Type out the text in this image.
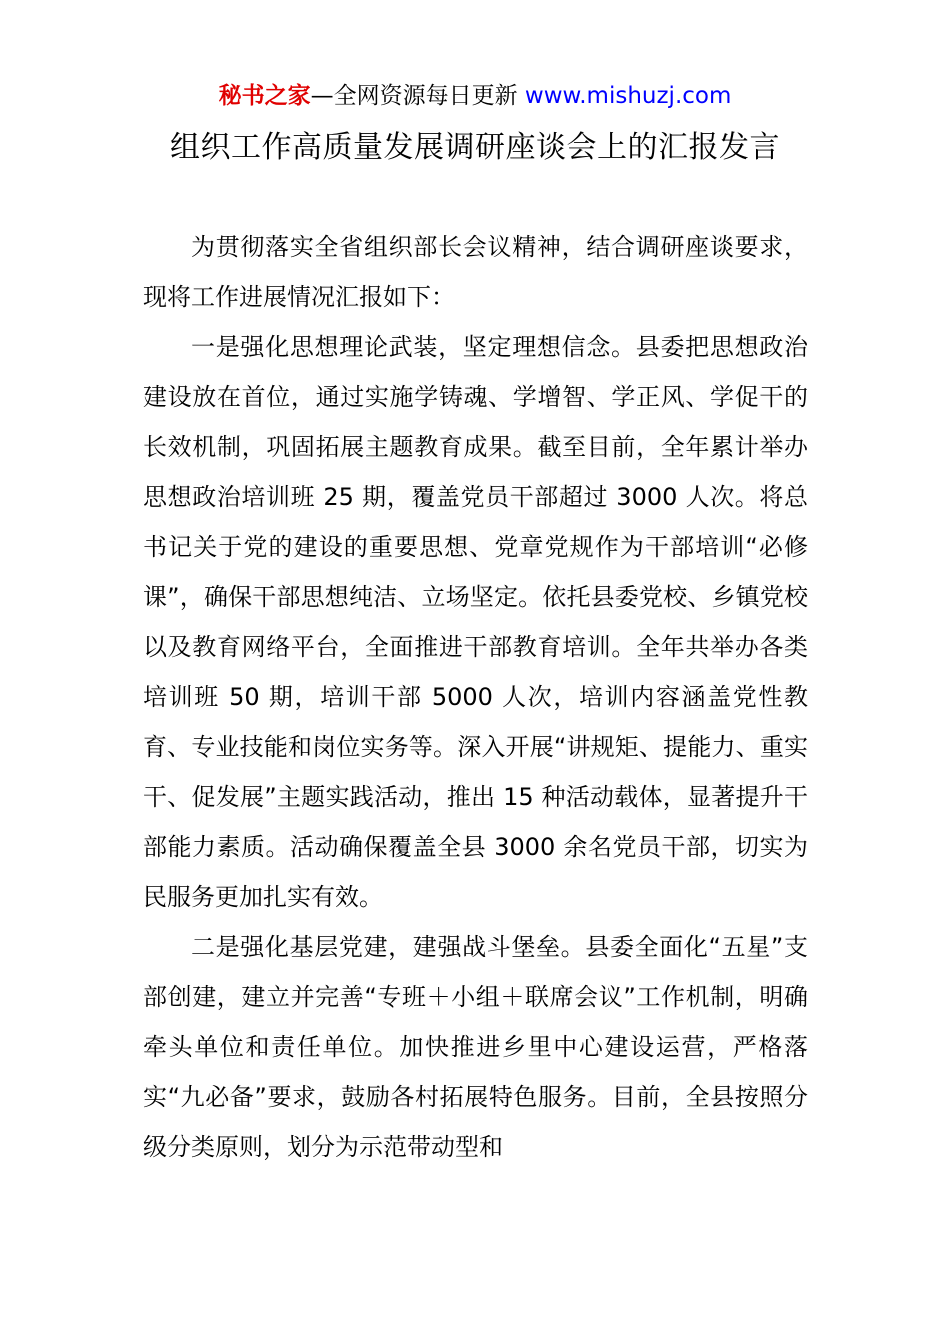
秘书之家—全网资源每日更新 www.mishuzj.com
组织工作高质量发展调研座谈会上的汇报发言

为贯彻落实全省组织部长会议精神，结合调研座谈要求，现将工作进展情况汇报如下：

一是强化思想理论武装，坚定理想信念。县委把思想政治建设放在首位，通过实施学铸魂、学增智、学正风、学促干的长效机制，巩固拓展主题教育成果。截至目前，全年累计举办思想政治培训班 25 期，覆盖党员干部超过 3000 人次。将总书记关于党的建设的重要思想、党章党规作为干部培训“必修课”，确保干部思想纯洁、立场坚定。依托县委党校、乡镇党校以及教育网络平台，全面推进干部教育培训。全年共举办各类培训班 50 期，培训干部 5000 人次，培训内容涵盖党性教育、专业技能和岗位实务等。深入开展“讲规矩、提能力、重实干、促发展”主题实践活动，推出 15 种活动载体，显著提升干部能力素质。活动确保覆盖全县 3000 余名党员干部，切实为民服务更加扎实有效。

二是强化基层党建，建强战斗堡垒。县委全面化“五星”支部创建，建立并完善“专班＋小组＋联席会议”工作机制，明确牵头单位和责任单位。加快推进乡里中心建设运营，严格落实“九必备”要求，鼓励各村拓展特色服务。目前，全县按照分级分类原则，划分为示范带动型和
